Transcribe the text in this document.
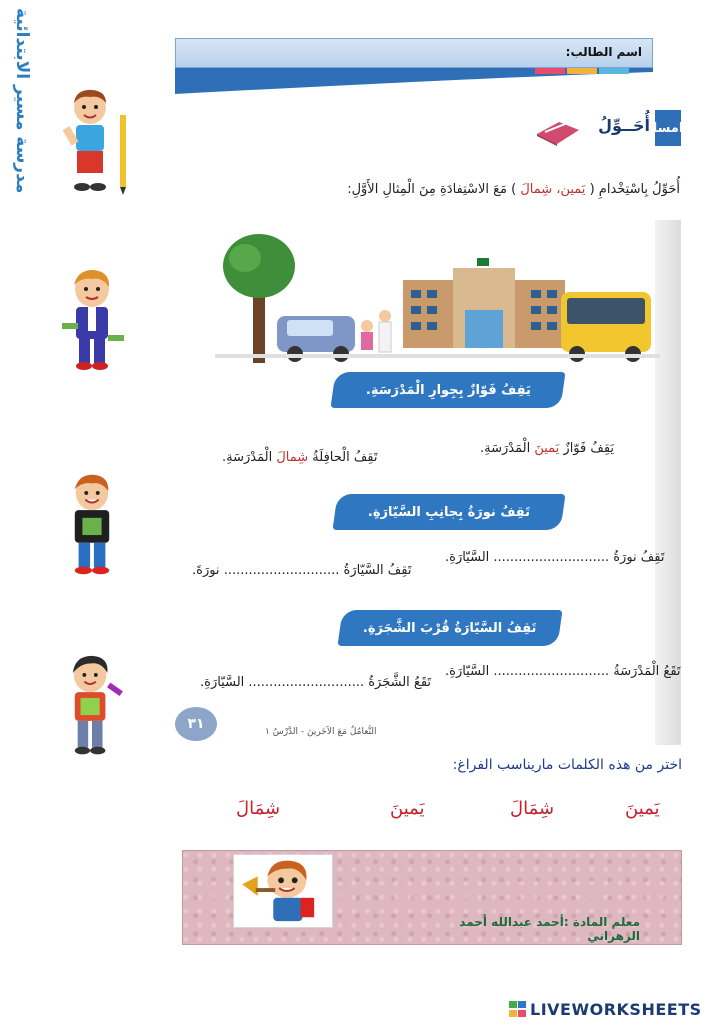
مدرسة مسير الابتدائية	اسم الطالب:
امسا
أُحَــوِّلُ
أُحَوِّلُ بِاسْتِخْدامِ ( يَمين، شِمالَ ) مَعَ الاسْتِفادَةِ مِنَ الْمِثالِ الأَوَّلِ:
يَقِفُ فَوّازٌ بِجِوارِ الْمَدْرَسَةِ.
يَقِفُ فَوّازٌ يَمينَ الْمَدْرَسَةِ.
تَقِفُ الْحافِلَةُ شِمالَ الْمَدْرَسَةِ.
تَقِفُ نورَةُ بِجانِبِ السَّيّارَةِ.
تَقِفُ نورَةُ ............................ السَّيّارَةِ.
تَقِفُ السَّيّارَةُ ............................ نورَةَ.
تَقِفُ السَّيّارَةُ قُرْبَ الشَّجَرَةِ.
تَقَعُ الْمَدْرَسَةُ ............................ السَّيّارَةِ.
تَقَعُ الشَّجَرَةُ ............................ السَّيّارَةِ.
٣١	التَّعامُلُ مَعَ الآخَرينَ - الدَّرْسُ ١
اختر من هذه الكلمات ماريناسب الفراغ:
يَمينَ
شِمَالَ
يَمينَ
شِمَالَ
معلم المادة :أحمد عبدالله أحمد الزهراني
LIVEWORKSHEETS
